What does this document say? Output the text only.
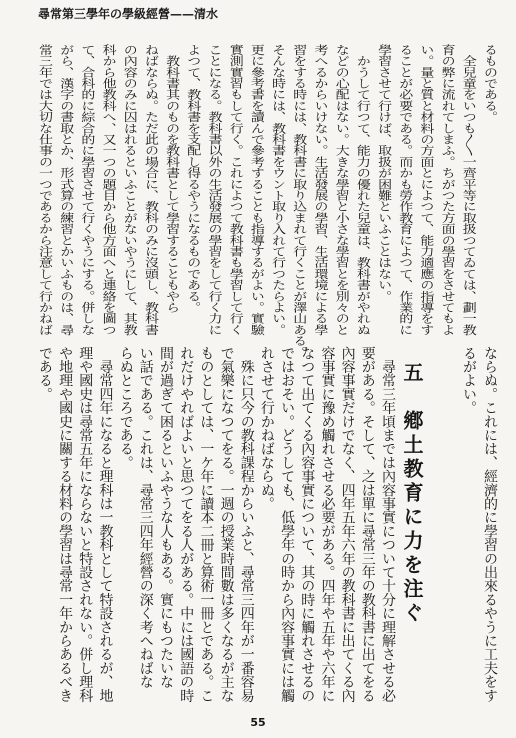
尋常第三學年の學級經營——清水
るものである。
　全兒童をいつも〳〵一齊平等に取扱つてゐては、劃一教
育の弊に流れてしまふ。ちがつた方面の學習をさせてもよ
い。量と質と材料の方面とによつて、能力適應の指導をす
ることが必要である。而かも勞作教育によつて、作業的に
學習させて行けば、取扱が困難といふことはない。
　かうして行つて、能力の優れた兒童は、教科書がやれぬ
などの心配はない。大きな學習と小さな學習とを別々のと
考へるからいけない。生活發展の學習、生活環境による學
習をする時には、教科書に取り込まれて行くことが澤山ある。
そんな時には、教科書をウント取り入れて行つたらよい。
更に參考書を讀んで參考することも指導するがよい。實驗
實測實習もして行く。これによつて教科書も學習して行く
ことになる。教科書以外の生活發展の學習をして行く力に
よつて、教科書を支配し得るやうになるものである。
　教科書其のものを教科書として學習することもやら
ねばならぬ。ただ此の場合に、教科のみに沒頭し、教科書
の內容のみに囚はれるといふことがないやうにして、其教
科から他教科へ、又一つの題目から他方面へと連絡を圖つ
て、合科的に綜合的に學習させて行くやうにする。併しな
がら、漢字の書取とか、形式算の練習とかいふものは、尋
常三年では大切な仕事の一つであるから注意して行かねば
ならぬ。これには、經濟的に學習の出來るやうに工夫をす
るがよい。
五　鄕土教育に力を注ぐ
　尋常三年頃までは內容事實について十分に理解させる必
要がある。そして、之は單に尋常三年の教科書に出てをる
內容事實だけでなく、四年五年六年の教科書に出てくる內
容事實に豫め觸れさせる必要がある。四年や五年や六年に
なつて出てくる內容事實について、其の時に觸れさせるの
ではおそい。どうしても、低學年の時から內容事實には觸
れさせて行かねばならぬ。
　殊に只今の教科課程からいふと、尋常三四年が一番容易
で氣樂になつてをる。一週の授業時間數は多くなるが主な
ものとしては、一ケ年に讀本二冊と算術一冊とである。こ
れだけやればよいと思つてをる人がある。中には國語の時
間が過ぎて困るといふやうな人もある。實にもつたいな
い話である。これは、尋常三四年經營の深く考へねばな
らぬところである。
　尋常四年になると理科は一教科として特設されるが、地
理や國史は尋常五年にならないと特設されない。併し理科
や地理や國史に關する材料の學習は尋常一年からあるべき
である。
55
